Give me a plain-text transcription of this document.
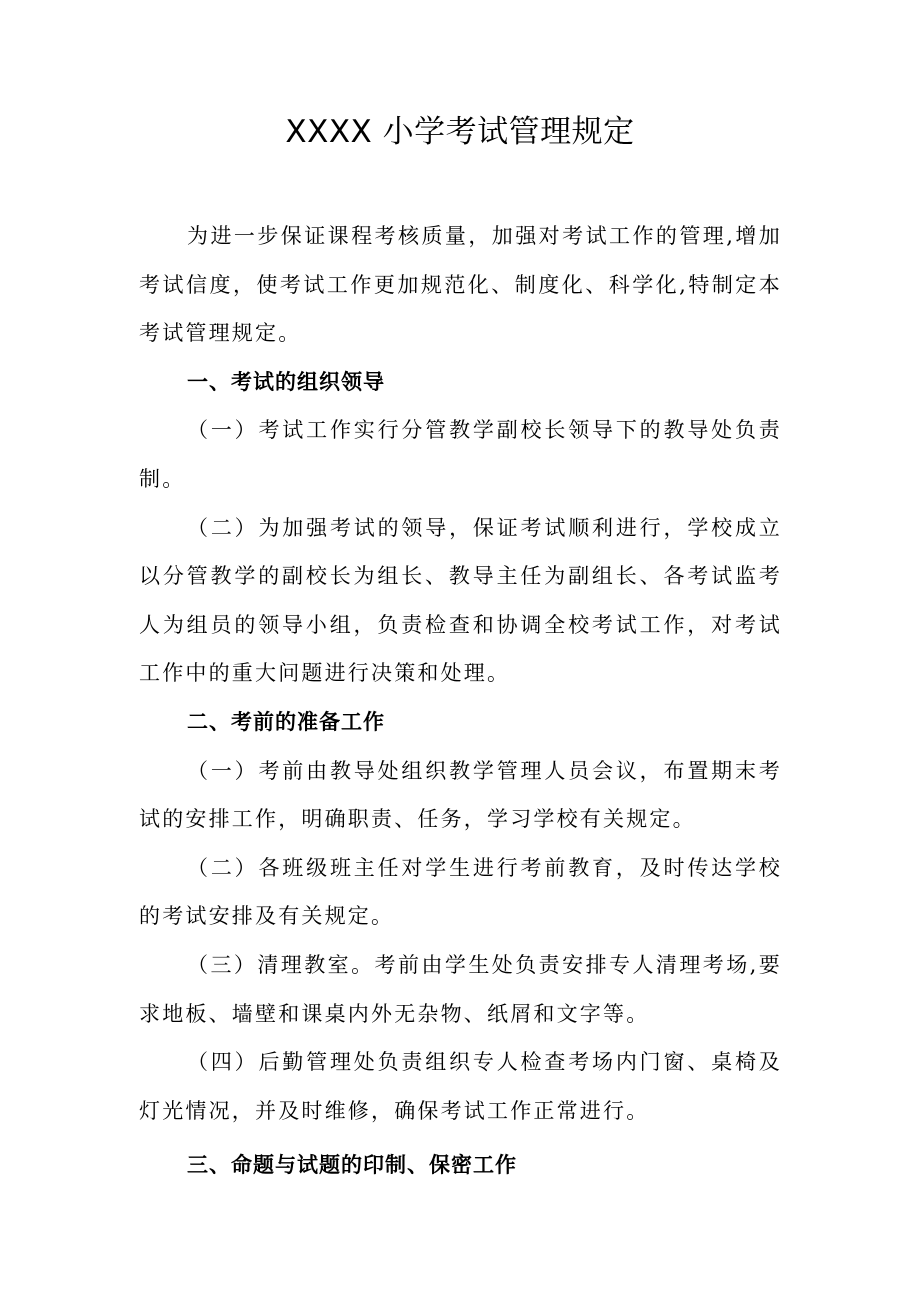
XXXX 小学考试管理规定

为进一步保证课程考核质量，加强对考试工作的管理,增加考试信度，使考试工作更加规范化、制度化、科学化,特制定本考试管理规定。

一、考试的组织领导

（一）考试工作实行分管教学副校长领导下的教导处负责制。

（二）为加强考试的领导，保证考试顺利进行，学校成立以分管教学的副校长为组长、教导主任为副组长、各考试监考人为组员的领导小组，负责检查和协调全校考试工作，对考试工作中的重大问题进行决策和处理。

二、考前的准备工作

（一）考前由教导处组织教学管理人员会议，布置期末考试的安排工作，明确职责、任务，学习学校有关规定。

（二）各班级班主任对学生进行考前教育，及时传达学校的考试安排及有关规定。

（三）清理教室。考前由学生处负责安排专人清理考场,要求地板、墙壁和课桌内外无杂物、纸屑和文字等。

（四）后勤管理处负责组织专人检查考场内门窗、桌椅及灯光情况，并及时维修，确保考试工作正常进行。

三、命题与试题的印制、保密工作
